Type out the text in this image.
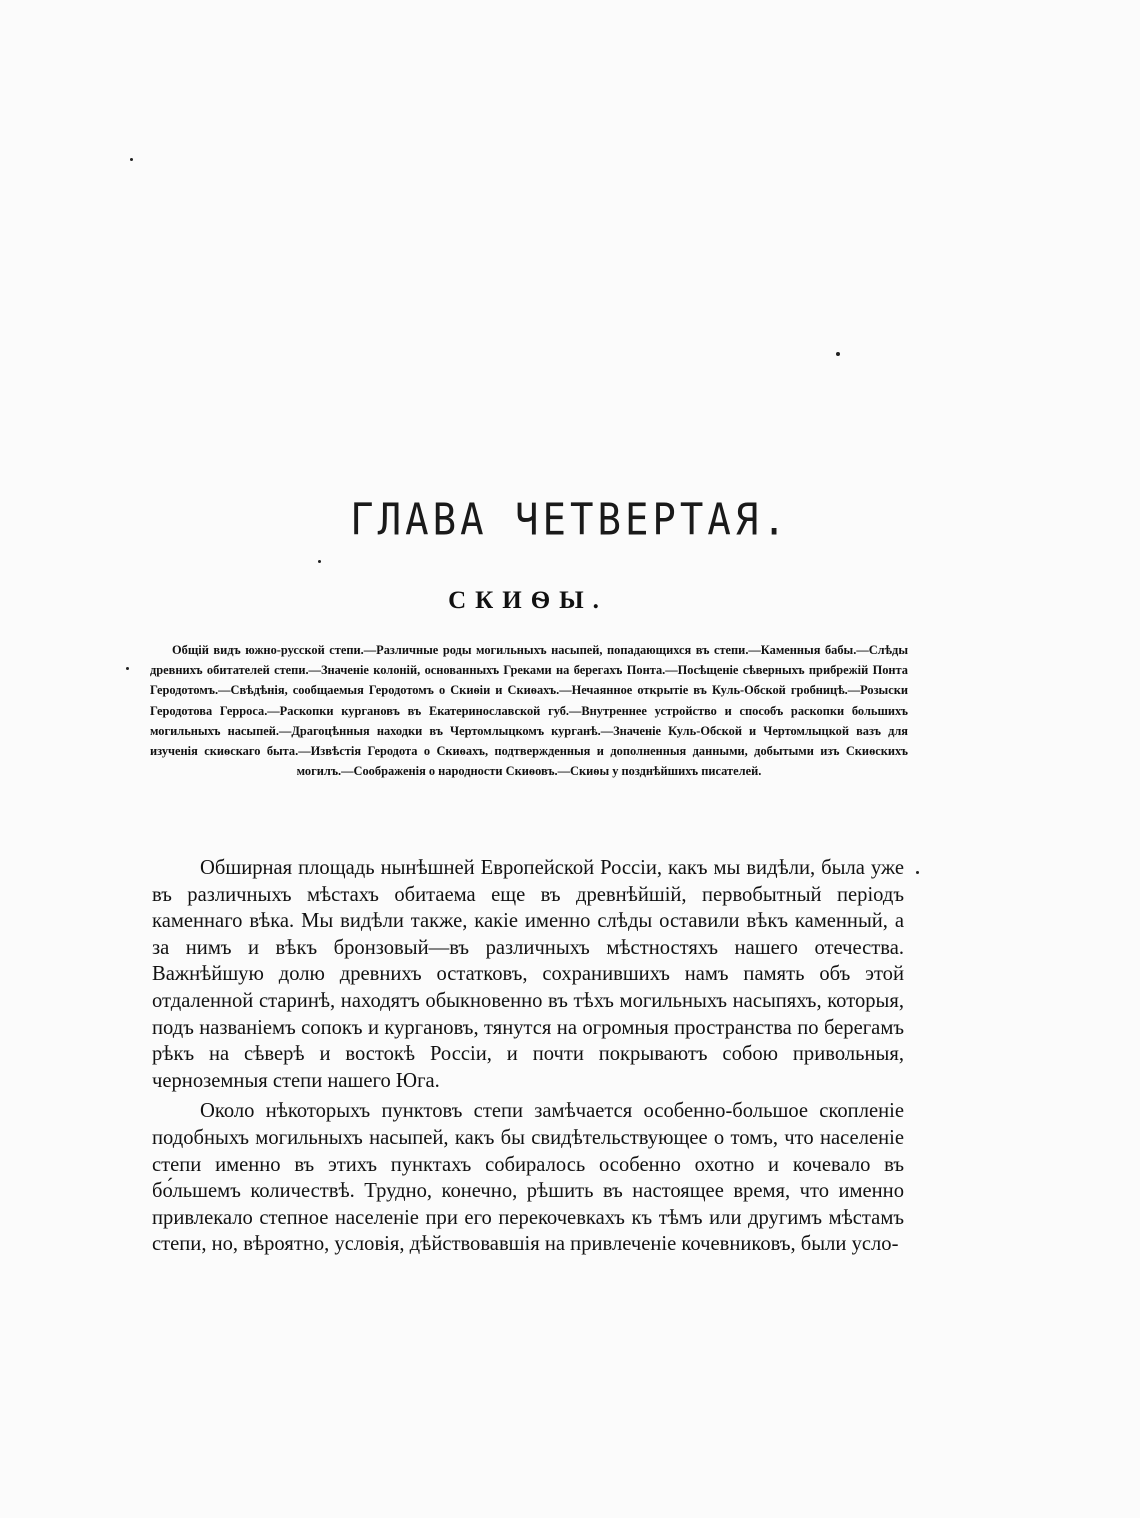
ГЛАВА ЧЕТВЕРТАЯ.
СКИѲЫ.

Общій видъ южно-русской степи.—Различные роды могильныхъ насыпей, попадающихся въ степи.—Каменныя бабы.—Слѣды древнихъ обитателей степи.—Значеніе колоній, основанныхъ Греками на берегахъ Понта.—Посѣщеніе сѣверныхъ прибрежій Понта Геродотомъ.—Свѣдѣнія, сообщаемыя Геродотомъ о Скиѳіи и Скиѳахъ.—Нечаянное открытіе въ Куль-Обской гробницѣ.—Розыски Геродотова Герроса.—Раскопки кургановъ въ Екатеринославской губ.—Внутреннее устройство и способъ раскопки большихъ могильныхъ насыпей.—Драгоцѣнныя находки въ Чертомлыцкомъ курганѣ.—Значеніе Куль-Обской и Чертомлыцкой вазъ для изученія скиѳскаго быта.—Извѣстія Геродота о Скиѳахъ, подтвержденныя и дополненныя данными, добытыми изъ Скиѳскихъ могилъ.—Соображенія о народности Скиѳовъ.—Скиѳы у позднѣйшихъ писателей.

Обширная площадь нынѣшней Европейской Россіи, какъ мы видѣли, была уже въ различныхъ мѣстахъ обитаема еще въ древнѣйшій, первобытный періодъ каменнаго вѣка. Мы видѣли также, какіе именно слѣды оставили вѣкъ каменный, а за нимъ и вѣкъ бронзовый—въ различныхъ мѣстностяхъ нашего отечества. Важнѣйшую долю древнихъ остатковъ, сохранившихъ намъ память объ этой отдаленной старинѣ, находятъ обыкновенно въ тѣхъ могильныхъ насыпяхъ, которыя, подъ названіемъ сопокъ и кургановъ, тянутся на огромныя пространства по берегамъ рѣкъ на сѣверѣ и востокѣ Россіи, и почти покрываютъ собою привольныя, черноземныя степи нашего Юга.

Около нѣкоторыхъ пунктовъ степи замѣчается особенно-большое скопленіе подобныхъ могильныхъ насыпей, какъ бы свидѣтельствующее о томъ, что населеніе степи именно въ этихъ пунктахъ собиралось особенно охотно и кочевало въ бо́льшемъ количествѣ. Трудно, конечно, рѣшить въ настоящее время, что именно привлекало степное населеніе при его перекочевкахъ къ тѣмъ или другимъ мѣстамъ степи, но, вѣроятно, условія, дѣйствовавшія на привлеченіе кочевниковъ, были усло-
